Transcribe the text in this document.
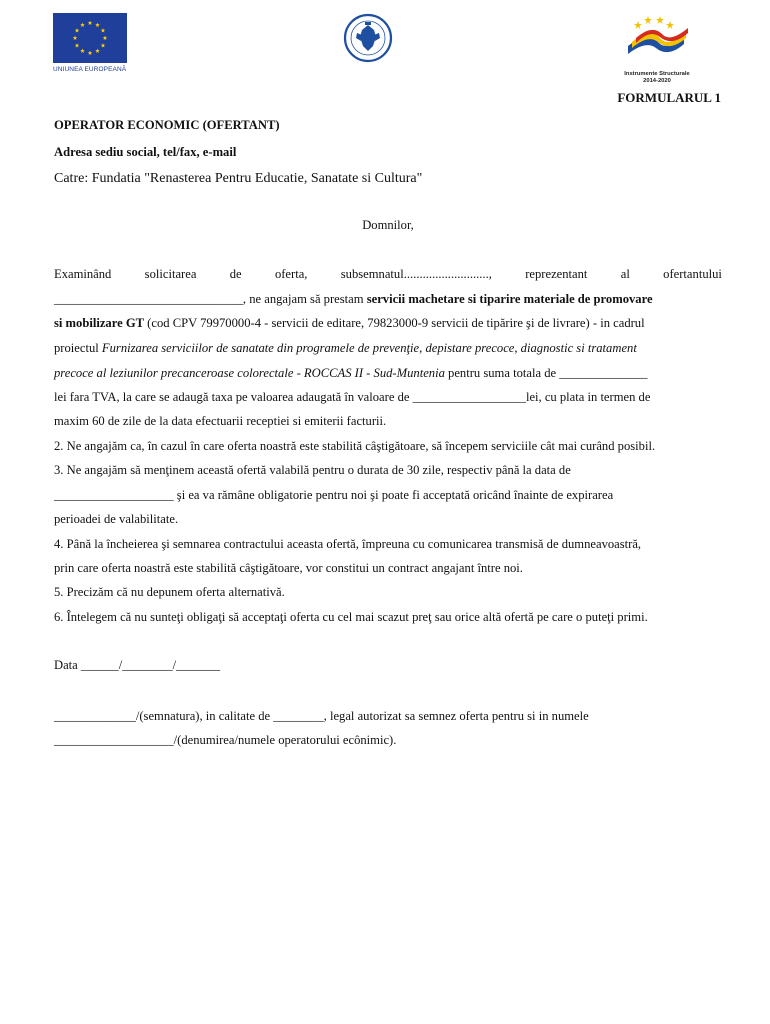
UNIUNEA EUROPEANĂ
Instrumente Structurale
2014-2020
FORMULARUL 1
OPERATOR ECONOMIC (OFERTANT)
Adresa sediu social, tel/fax, e-mail
Catre: Fundatia "Renasterea Pentru Educatie, Sanatate si Cultura"
Domnilor,
Examinând	solicitarea	de	oferta,	subsemnatul...........................,	reprezentant	al	ofertantului
______________________________, ne angajam să prestam servicii machetare si tiparire materiale de promovare
si mobilizare GT (cod CPV 79970000-4 - servicii de editare, 79823000-9 servicii de tipărire şi de livrare) - in cadrul
proiectul Furnizarea serviciilor de sanatate din programele de prevenţie, depistare precoce, diagnostic si tratament
precoce al leziunilor precanceroase colorectale - ROCCAS II - Sud-Muntenia pentru suma totala de ______________
lei fara TVA, la care se adaugă taxa pe valoarea adaugată în valoare de __________________lei, cu plata in termen de
maxim 60 de zile de la data efectuarii receptiei si emiterii facturii.
2. Ne angajăm ca, în cazul în care oferta noastră este stabilită câştigătoare, să începem serviciile cât mai curând posibil.
3. Ne angajăm să menţinem această ofertă valabilă pentru o durata de 30 zile, respectiv până la data de
___________________ şi ea va rămâne obligatorie pentru noi şi poate fi acceptată oricând înainte de expirarea
perioadei de valabilitate.
4. Până la încheierea şi semnarea contractului aceasta ofertă, împreuna cu comunicarea transmisă de dumneavoastră,
prin care oferta noastră este stabilită câştigătoare, vor constitui un contract angajant între noi.
5. Precizăm că nu depunem oferta alternativă.
6. Întelegem că nu sunteţi obligaţi să acceptaţi oferta cu cel mai scazut preţ sau orice altă ofertă pe care o puteţi primi.
Data ______/________/_______
_____________/(semnatura), in calitate de ________, legal autorizat sa semnez oferta pentru si in numele
___________________/(denumirea/numele operatorului ecônimic).
